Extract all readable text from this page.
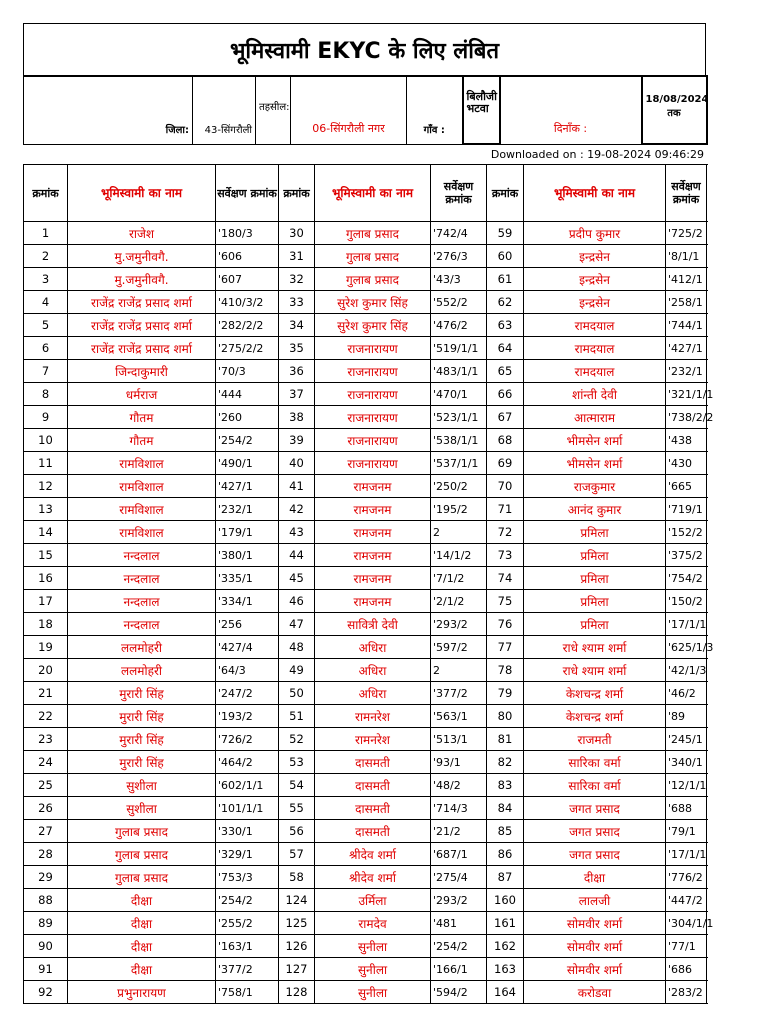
भूमिस्वामी EKYC के लिए लंबित
जिला:	43-सिंगरौली	तहसील:	06-सिंगरौली नगर	गाँव :	बिलौजी भटवा	दिनाँक :	18/08/2024 तक
Downloaded on : 19-08-2024 09:46:29
क्रमांक	भूमिस्वामी का नाम	सर्वेक्षण क्रमांक	क्रमांक	भूमिस्वामी का नाम	सर्वेक्षण क्रमांक	क्रमांक	भूमिस्वामी का नाम	सर्वेक्षण क्रमांक
1	राजेश	'180/3	30	गुलाब प्रसाद	'742/4	59	प्रदीप कुमार	'725/2
2	मु.जमुनीवगै.	'606	31	गुलाब प्रसाद	'276/3	60	इन्द्रसेन	'8/1/1
3	मु.जमुनीवगै.	'607	32	गुलाब प्रसाद	'43/3	61	इन्द्रसेन	'412/1
4	राजेंद्र राजेंद्र प्रसाद शर्मा	'410/3/2	33	सुरेश कुमार सिंह	'552/2	62	इन्द्रसेन	'258/1
5	राजेंद्र राजेंद्र प्रसाद शर्मा	'282/2/2	34	सुरेश कुमार सिंह	'476/2	63	रामदयाल	'744/1
6	राजेंद्र राजेंद्र प्रसाद शर्मा	'275/2/2	35	राजनारायण	'519/1/1	64	रामदयाल	'427/1
7	जिन्दाकुमारी	'70/3	36	राजनारायण	'483/1/1	65	रामदयाल	'232/1
8	धर्मराज	'444	37	राजनारायण	'470/1	66	शांन्ती देवी	'321/1/1
9	गौतम	'260	38	राजनारायण	'523/1/1	67	आत्माराम	'738/2/2
10	गौतम	'254/2	39	राजनारायण	'538/1/1	68	भीमसेन शर्मा	'438
11	रामविशाल	'490/1	40	राजनारायण	'537/1/1	69	भीमसेन शर्मा	'430
12	रामविशाल	'427/1	41	रामजनम	'250/2	70	राजकुमार	'665
13	रामविशाल	'232/1	42	रामजनम	'195/2	71	आनंद कुमार	'719/1
14	रामविशाल	'179/1	43	रामजनम	2	72	प्रमिला	'152/2
15	नन्दलाल	'380/1	44	रामजनम	'14/1/2	73	प्रमिला	'375/2
16	नन्दलाल	'335/1	45	रामजनम	'7/1/2	74	प्रमिला	'754/2
17	नन्दलाल	'334/1	46	रामजनम	'2/1/2	75	प्रमिला	'150/2
18	नन्दलाल	'256	47	सावित्री देवी	'293/2	76	प्रमिला	'17/1/1
19	ललमोहरी	'427/4	48	अधिरा	'597/2	77	राधे श्याम शर्मा	'625/1/3
20	ललमोहरी	'64/3	49	अधिरा	2	78	राधे श्याम शर्मा	'42/1/3
21	मुरारी सिंह	'247/2	50	अधिरा	'377/2	79	केशचन्द्र शर्मा	'46/2
22	मुरारी सिंह	'193/2	51	रामनरेश	'563/1	80	केशचन्द्र शर्मा	'89
23	मुरारी सिंह	'726/2	52	रामनरेश	'513/1	81	राजमती	'245/1
24	मुरारी सिंह	'464/2	53	दासमती	'93/1	82	सारिका वर्मा	'340/1
25	सुशीला	'602/1/1	54	दासमती	'48/2	83	सारिका वर्मा	'12/1/1
26	सुशीला	'101/1/1	55	दासमती	'714/3	84	जगत प्रसाद	'688
27	गुलाब प्रसाद	'330/1	56	दासमती	'21/2	85	जगत प्रसाद	'79/1
28	गुलाब प्रसाद	'329/1	57	श्रीदेव शर्मा	'687/1	86	जगत प्रसाद	'17/1/1
29	गुलाब प्रसाद	'753/3	58	श्रीदेव शर्मा	'275/4	87	दीक्षा	'776/2
88	दीक्षा	'254/2	124	उर्मिला	'293/2	160	लालजी	'447/2
89	दीक्षा	'255/2	125	रामदेव	'481	161	सोमवीर शर्मा	'304/1/1
90	दीक्षा	'163/1	126	सुनीला	'254/2	162	सोमवीर शर्मा	'77/1
91	दीक्षा	'377/2	127	सुनीला	'166/1	163	सोमवीर शर्मा	'686
92	प्रभुनारायण	'758/1	128	सुनीला	'594/2	164	करोडवा	'283/2
